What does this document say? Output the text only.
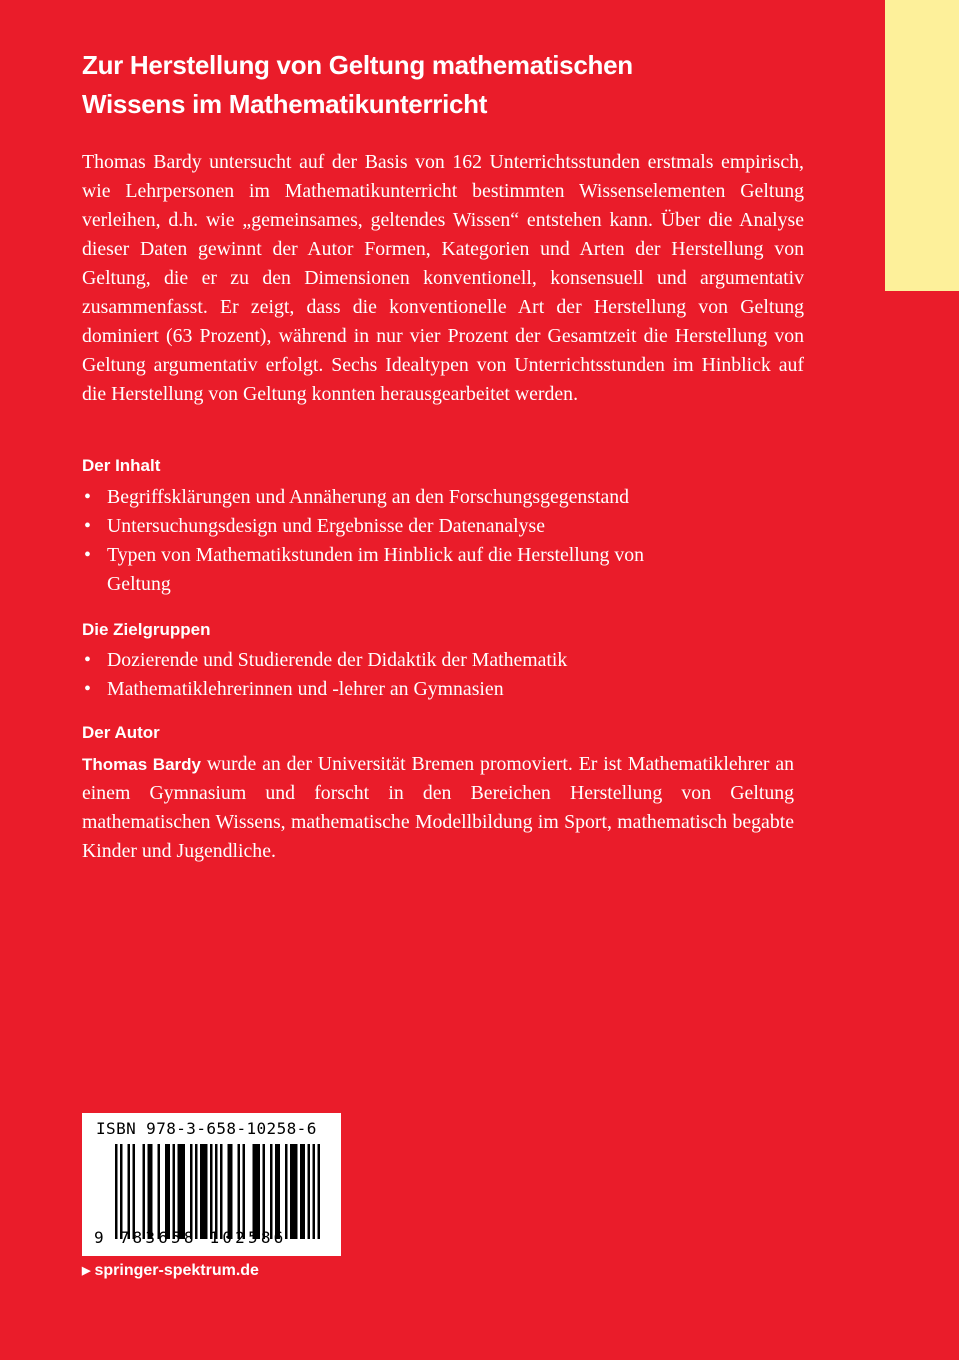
Zur Herstellung von Geltung mathematischen
Wissens im Mathematikunterricht

Thomas Bardy untersucht auf der Basis von 162 Unterrichtsstunden erstmals empirisch, wie Lehrpersonen im Mathematikunterricht bestimmten Wissenselementen Geltung verleihen, d.h. wie „gemeinsames, geltendes Wissen“ entstehen kann. Über die Analyse dieser Daten gewinnt der Autor Formen, Kategorien und Arten der Herstellung von Geltung, die er zu den Dimensionen konventionell, konsensuell und argumentativ zusammenfasst. Er zeigt, dass die konventionelle Art der Herstellung von Geltung dominiert (63 Prozent), während in nur vier Prozent der Gesamtzeit die Herstellung von Geltung argumentativ erfolgt. Sechs Idealtypen von Unterrichtsstunden im Hinblick auf die Herstellung von Geltung konnten herausgearbeitet werden.

Der Inhalt
• Begriffsklärungen und Annäherung an den Forschungsgegenstand
• Untersuchungsdesign und Ergebnisse der Datenanalyse
• Typen von Mathematikstunden im Hinblick auf die Herstellung von Geltung
Die Zielgruppen
• Dozierende und Studierende der Didaktik der Mathematik
• Mathematiklehrerinnen und -lehrer an Gymnasien
Der Autor

Thomas Bardy wurde an der Universität Bremen promoviert. Er ist Mathematiklehrer an einem Gymnasium und forscht in den Bereichen Herstellung von Geltung mathematischen Wissens, mathematische Modellbildung im Sport, mathematisch begabte Kinder und Jugendliche.

ISBN 978-3-658-10258-6
9 783658 102586
▶ springer-spektrum.de
